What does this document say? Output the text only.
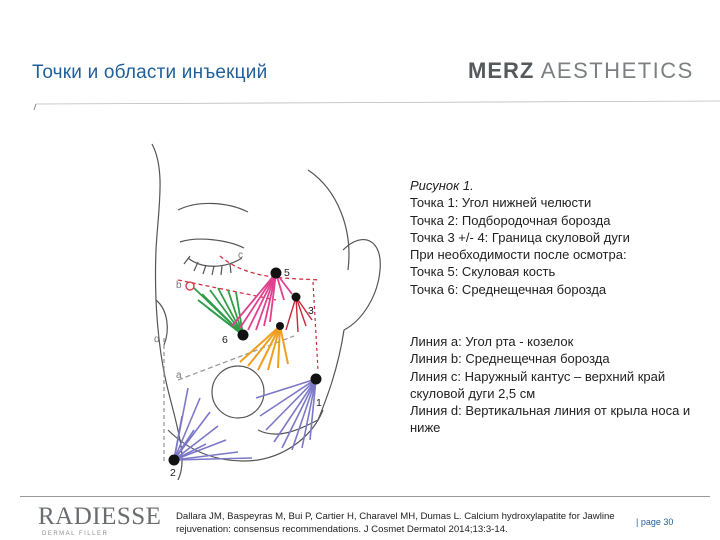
Точки и области инъекций	MERZ AESTHETICS
5
3
6
1
2
c
b
d
a
Рисунок 1.
Точка 1: Угол нижней челюсти
Точка 2: Подбородочная борозда
Точка 3 +/- 4: Граница скуловой дуги
При необходимости после осмотра:
Точка 5: Скуловая кость
Точка 6: Среднещечная борозда
Линия a: Угол рта - козелок
Линия b: Среднещечная борозда
Линия c: Наружный кантус – верхний край скуловой дуги 2,5 см
Линия d: Вертикальная линия от крыла носа и ниже
RADIESSE
DERMAL FILLER
Dallara JM, Baspeyras M, Bui P, Cartier H, Charavel MH, Dumas L. Calcium hydroxylapatite for Jawline rejuvenation: consensus recommendations. J Cosmet Dermatol 2014;13:3-14.
| page 30
